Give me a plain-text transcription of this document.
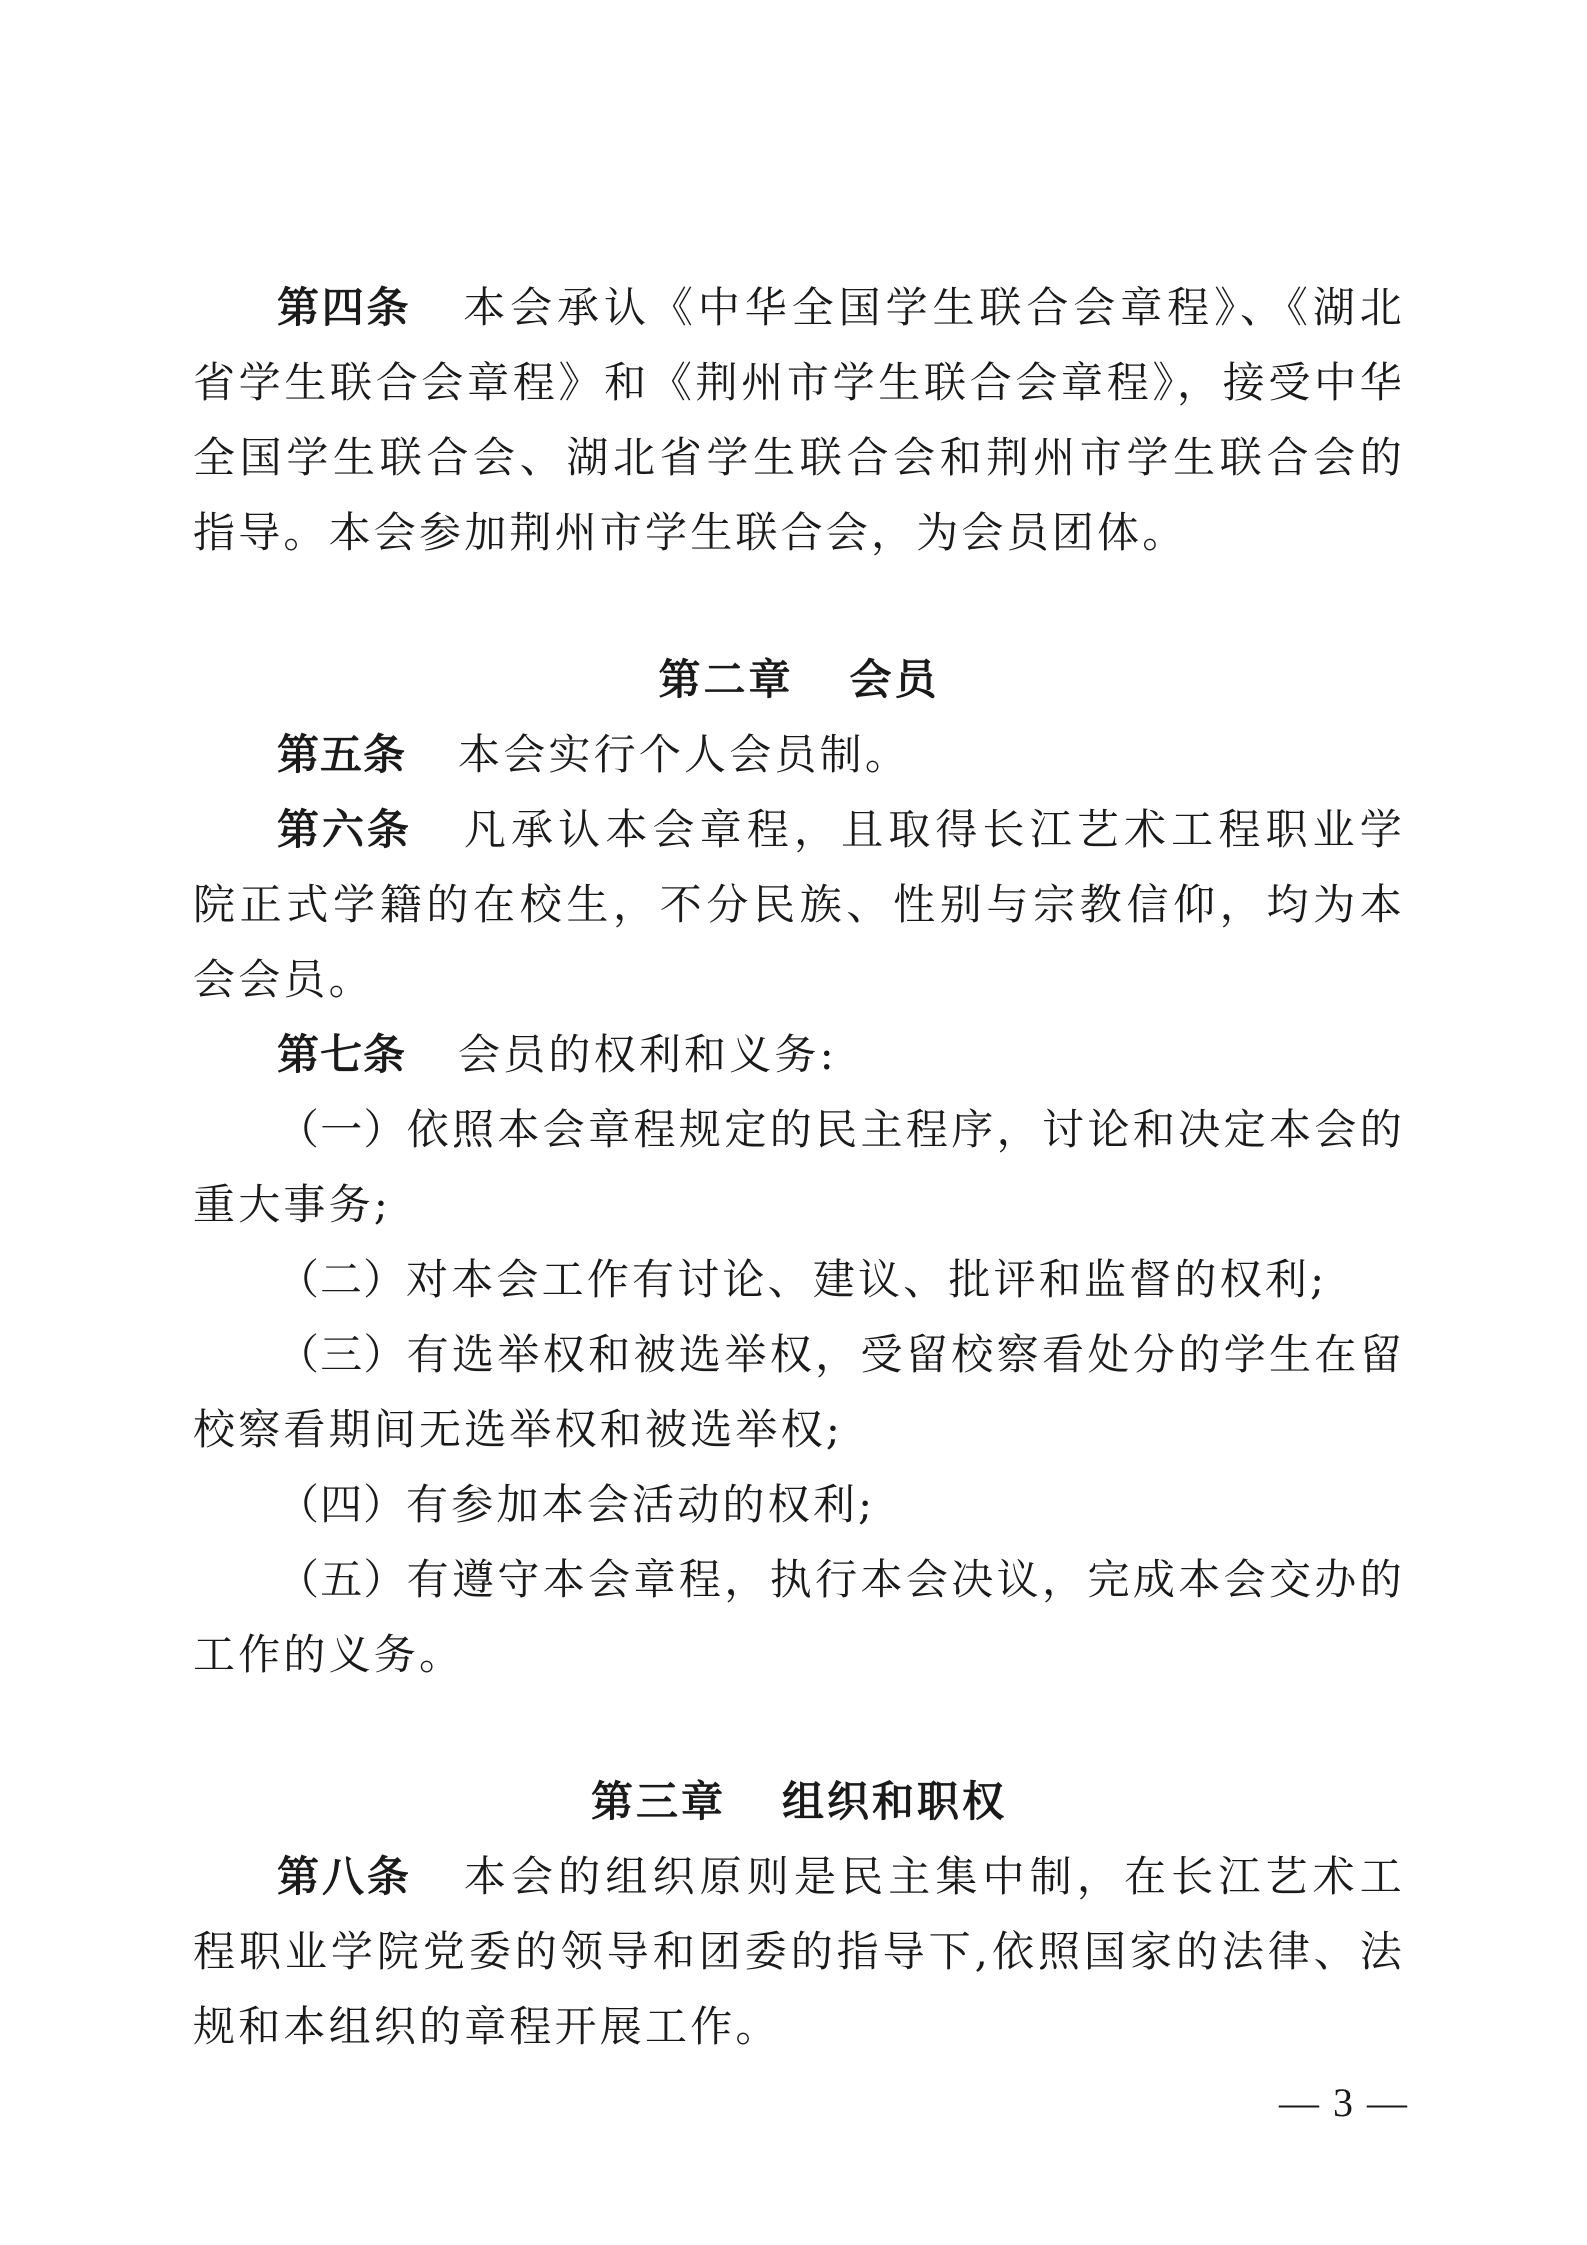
第四条 本会承认《中华全国学生联合会章程》、《湖北省学生联合会章程》和《荆州市学生联合会章程》，接受中华全国学生联合会、湖北省学生联合会和荆州市学生联合会的指导。本会参加荆州市学生联合会，为会员团体。

第二章 会员

第五条 本会实行个人会员制。

第六条 凡承认本会章程，且取得长江艺术工程职业学院正式学籍的在校生，不分民族、性别与宗教信仰，均为本会会员。

第七条 会员的权利和义务:

（一）依照本会章程规定的民主程序，讨论和决定本会的重大事务;

（二）对本会工作有讨论、建议、批评和监督的权利;

（三）有选举权和被选举权，受留校察看处分的学生在留校察看期间无选举权和被选举权;

（四）有参加本会活动的权利;

（五）有遵守本会章程，执行本会决议，完成本会交办的工作的义务。

第三章 组织和职权

第八条 本会的组织原则是民主集中制，在长江艺术工程职业学院党委的领导和团委的指导下,依照国家的法律、法规和本组织的章程开展工作。

— 3 —
